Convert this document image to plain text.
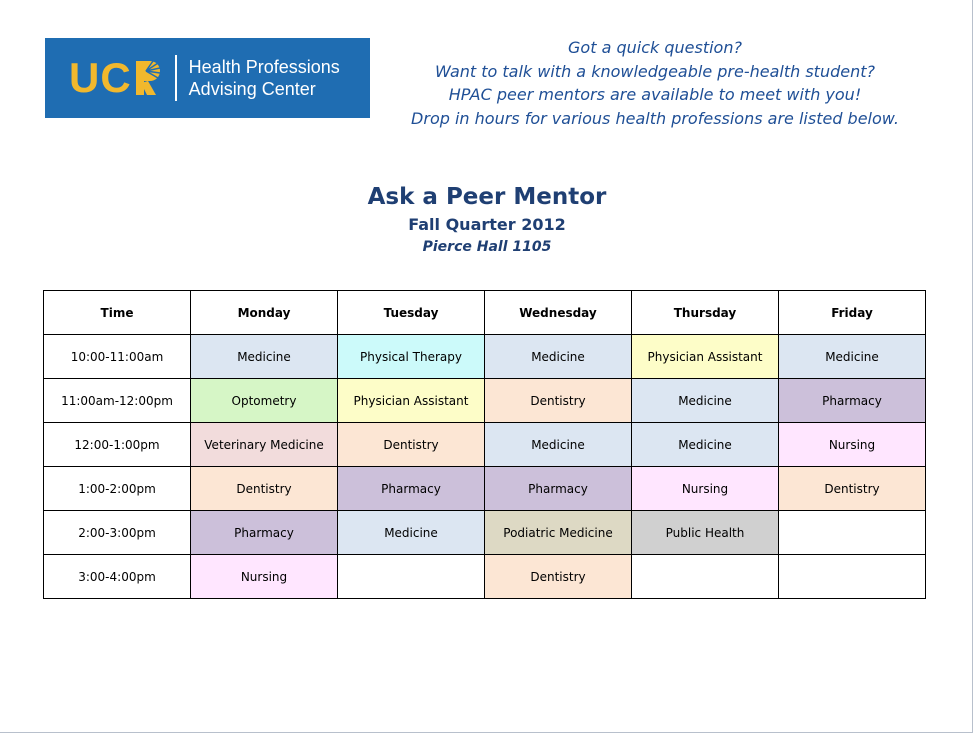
UC	Health Professions
Advising Center
Got a quick question?
Want to talk with a knowledgeable pre-health student?
HPAC peer mentors are available to meet with you!
Drop in hours for various health professions are listed below.
Ask a Peer Mentor
Fall Quarter 2012
Pierce Hall 1105
Time	Monday	Tuesday	Wednesday	Thursday	Friday
10:00-11:00am	Medicine	Physical Therapy	Medicine	Physician Assistant	Medicine
11:00am-12:00pm	Optometry	Physician Assistant	Dentistry	Medicine	Pharmacy
12:00-1:00pm	Veterinary Medicine	Dentistry	Medicine	Medicine	Nursing
1:00-2:00pm	Dentistry	Pharmacy	Pharmacy	Nursing	Dentistry
2:00-3:00pm	Pharmacy	Medicine	Podiatric Medicine	Public Health	
3:00-4:00pm	Nursing		Dentistry		
